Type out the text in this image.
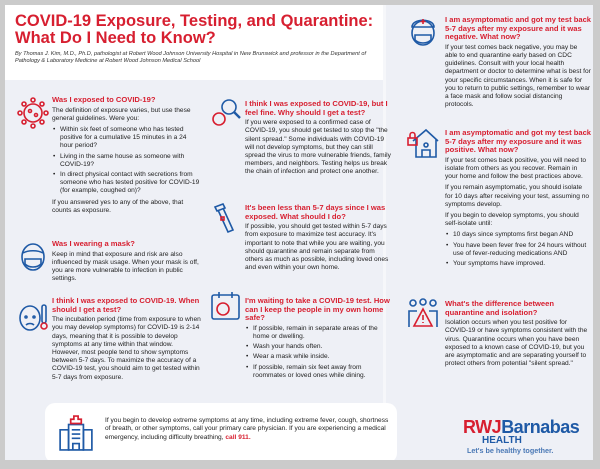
COVID-19 Exposure, Testing, and Quarantine: What Do I Need to Know?
By Thomas J. Kim, M.D., Ph.D, pathologist at Robert Wood Johnson University Hospital in New Brunswick and professor in the Department of Pathology & Laboratory Medicine at Robert Wood Johnson Medical School
Was I exposed to COVID-19?

The definition of exposure varies, but use these general guidelines. Were you:

• Within six feet of someone who has tested positive for a cumulative 15 minutes in a 24 hour period?
• Living in the same house as someone with COVID-19?
• In direct physical contact with secretions from someone who has tested positive for COVID-19 (for example, coughed on)?

If you answered yes to any of the above, that counts as exposure.

Was I wearing a mask?

Keep in mind that exposure and risk are also influenced by mask usage. When your mask is off, you are more vulnerable to infection in public settings.

I think I was exposed to COVID-19. When should I get a test?

The incubation period (time from exposure to when you may develop symptoms) for COVID-19 is 2-14 days, meaning that it is possible to develop symptoms at any time within that window. However, most people tend to show symptoms between 5-7 days. To maximize the accuracy of a COVID-19 test, you should aim to get tested within 5-7 days from exposure.

I think I was exposed to COVID-19, but I feel fine. Why should I get a test?

If you were exposed to a confirmed case of COVID-19, you should get tested to stop the "the silent spread." Some individuals with COVID-19 will not develop symptoms, but they can still spread the virus to more vulnerable friends, family members, and neighbors. Testing helps us break the chain of infection and protect one another.

It's been less than 5-7 days since I was exposed. What should I do?

If possible, you should get tested within 5-7 days from exposure to maximize test accuracy. It's important to note that while you are waiting, you should quarantine and remain separate from others as much as possible, including loved ones and even within your own home.

I'm waiting to take a COVID-19 test. How can I keep the people in my own home safe?
• If possible, remain in separate areas of the home or dwelling.
• Wash your hands often.
• Wear a mask while inside.
• If possible, remain six feet away from roommates or loved ones while dining.
I am asymptomatic and got my test back 5-7 days after my exposure and it was negative. What now?

If your test comes back negative, you may be able to end quarantine early based on CDC guidelines. Consult with your local health department or doctor to determine what is best for your specific circumstances. When it is safe for you to return to public settings, remember to wear a face mask and follow social distancing protocols.

I am asymptomatic and got my test back 5-7 days after my exposure and it was positive. What now?

If your test comes back positive, you will need to isolate from others as you recover. Remain in your home and follow the best practices above.

If you remain asymptomatic, you should isolate for 10 days after receiving your test, assuming no symptoms develop.

If you begin to develop symptoms, you should self-isolate until:

• 10 days since symptoms first began AND
• You have been fever free for 24 hours without use of fever-reducing medications AND
• Your symptoms have improved.
What's the difference between quarantine and isolation?

Isolation occurs when you test positive for COVID-19 or have symptoms consistent with the virus. Quarantine occurs when you have been exposed to a known case of COVID-19, but you are asymptomatic and are separating yourself to protect others from potential "silent spread."

If you begin to develop extreme symptoms at any time, including extreme fever, cough, shortness of breath, or other symptoms, call your primary care physician. If you are experiencing a medical emergency, including difficulty breathing, call 911.

RWJBarnabas
HEALTH
Let's be healthy together.
